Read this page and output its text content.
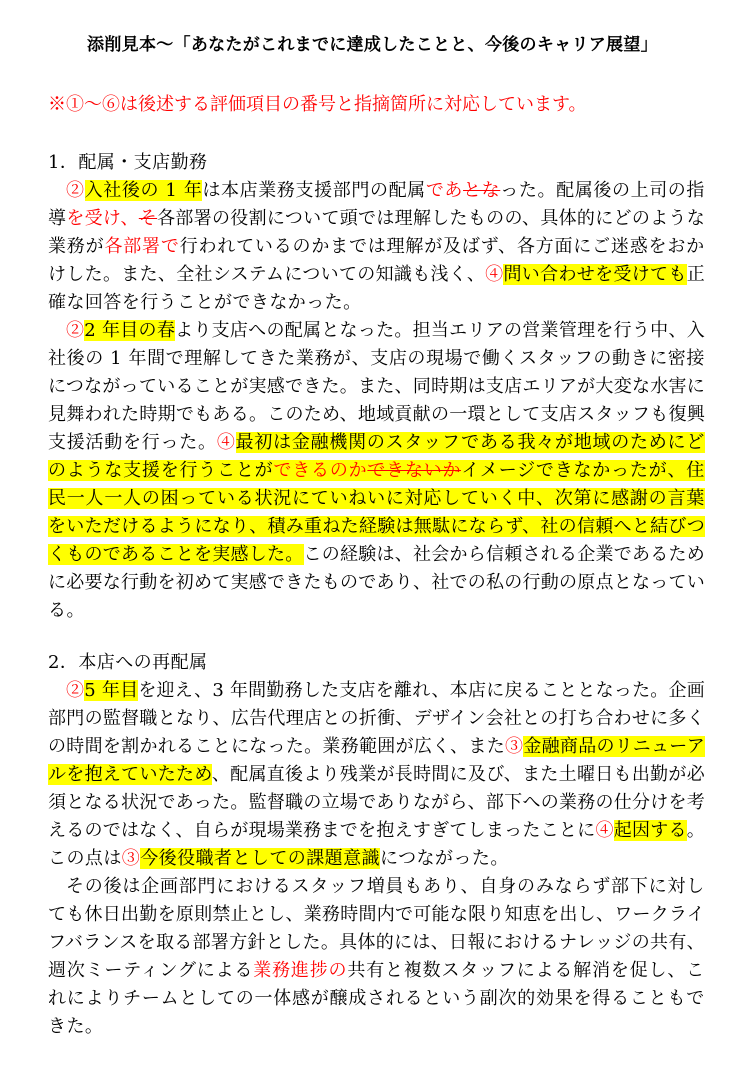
添削見本～「あなたがこれまでに達成したことと、今後のキャリア展望」
※①～⑥は後述する評価項目の番号と指摘箇所に対応しています。
1．配属・支店勤務
②入社後の 1 年は本店業務支援部門の配属であとなった。配属後の上司の指
導を受け、そ各部署の役割について頭では理解したものの、具体的にどのような
業務が各部署で行われているのかまでは理解が及ばず、各方面にご迷惑をおか
けした。また、全社システムについての知識も浅く、④問い合わせを受けても正
確な回答を行うことができなかった。
②2 年目の春より支店への配属となった。担当エリアの営業管理を行う中、入
社後の 1 年間で理解してきた業務が、支店の現場で働くスタッフの動きに密接
につながっていることが実感できた。また、同時期は支店エリアが大変な水害に
見舞われた時期でもある。このため、地域貢献の一環として支店スタッフも復興
支援活動を行った。④最初は金融機関のスタッフである我々が地域のためにど
のような支援を行うことができるのかできないかイメージできなかったが、住
民一人一人の困っている状況にていねいに対応していく中、次第に感謝の言葉
をいただけるようになり、積み重ねた経験は無駄にならず、社の信頼へと結びつ
くものであることを実感した。この経験は、社会から信頼される企業であるため
に必要な行動を初めて実感できたものであり、社での私の行動の原点となってい
る。
2．本店への再配属
②5 年目を迎え、3 年間勤務した支店を離れ、本店に戻ることとなった。企画
部門の監督職となり、広告代理店との折衝、デザイン会社との打ち合わせに多く
の時間を割かれることになった。業務範囲が広く、また③金融商品のリニューア
ルを抱えていたため、配属直後より残業が長時間に及び、また土曜日も出勤が必
須となる状況であった。監督職の立場でありながら、部下への業務の仕分けを考
えるのではなく、自らが現場業務までを抱えすぎてしまったことに④起因する。
この点は③今後役職者としての課題意識につながった。
その後は企画部門におけるスタッフ増員もあり、自身のみならず部下に対し
ても休日出勤を原則禁止とし、業務時間内で可能な限り知恵を出し、ワークライ
フバランスを取る部署方針とした。具体的には、日報におけるナレッジの共有、
週次ミーティングによる業務進捗の共有と複数スタッフによる解消を促し、こ
れによりチームとしての一体感が醸成されるという副次的効果を得ることもで
きた。
